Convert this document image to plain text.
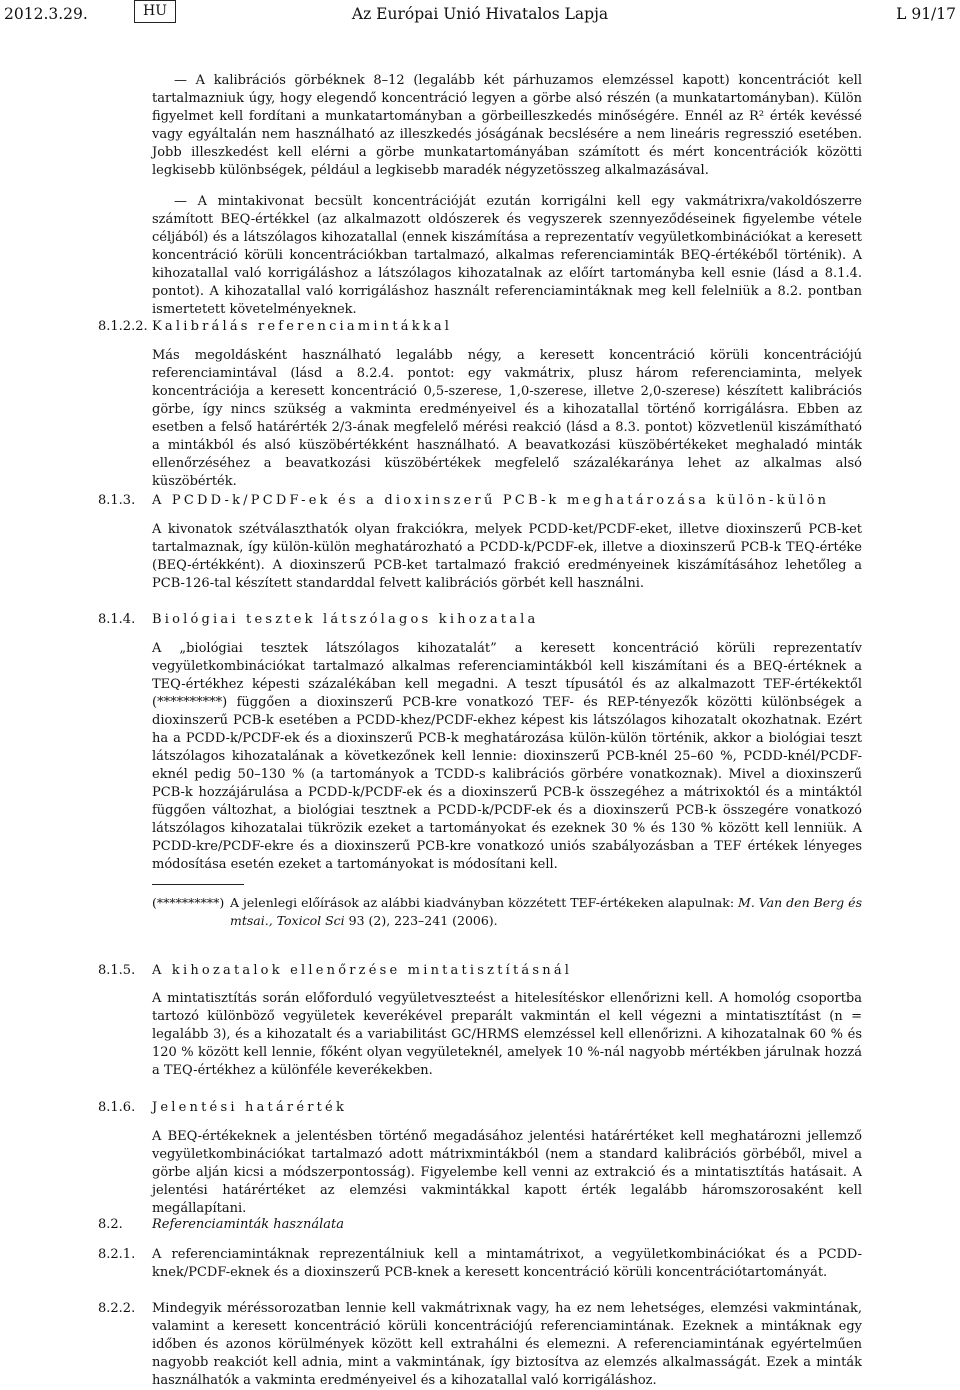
2012.3.29.	HU	Az Európai Unió Hivatalos Lapja	L 91/17
— A kalibrációs görbéknek 8–12 (legalább két párhuzamos elemzéssel kapott) koncentrációt kell tartalmazniuk úgy, hogy elegendő koncentráció legyen a görbe alsó részén (a munkatartományban). Külön figyelmet kell fordítani a munkatartományban a görbeilleszkedés minőségére. Ennél az R² érték kevéssé vagy egyáltalán nem használható az illeszkedés jóságának becslésére a nem lineáris regresszió esetében. Jobb illeszkedést kell elérni a görbe munkatartományában számított és mért koncentrációk közötti legkisebb különbségek, például a legkisebb maradék négyzetösszeg alkalmazásával.
— A mintakivonat becsült koncentrációját ezután korrigálni kell egy vakmátrixra/vakoldószerre számított BEQ-értékkel (az alkalmazott oldószerek és vegyszerek szennyeződéseinek figyelembe vétele céljából) és a látszólagos kihozatallal (ennek kiszámítása a reprezentatív vegyületkombinációkat a keresett koncentráció körüli koncentrációkban tartalmazó, alkalmas referenciaminták BEQ-értékéből történik). A kihozatallal való korrigáláshoz a látszólagos kihozatalnak az előírt tartományba kell esnie (lásd a 8.1.4. pontot). A kihozatallal való korrigáláshoz használt referenciamintáknak meg kell felelniük a 8.2. pontban ismertetett követelményeknek.
8.1.2.2. Kalibrálás referenciamintákkal
Más megoldásként használható legalább négy, a keresett koncentráció körüli koncentrációjú referenciamintával (lásd a 8.2.4. pontot: egy vakmátrix, plusz három referenciaminta, melyek koncentrációja a keresett koncentráció 0,5-szerese, 1,0-szerese, illetve 2,0-szerese) készített kalibrációs görbe, így nincs szükség a vakminta eredményeivel és a kihozatallal történő korrigálásra. Ebben az esetben a felső határérték 2/3-ának megfelelő mérési reakció (lásd a 8.3. pontot) közvetlenül kiszámítható a mintákból és alsó küszöbértékként használható. A beavatkozási küszöbértékeket meghaladó minták ellenőrzéséhez a beavatkozási küszöbértékek megfelelő százalékaránya lehet az alkalmas alsó küszöbérték.
8.1.3. A PCDD-k/PCDF-ek és a dioxinszerű PCB-k meghatározása külön-külön
A kivonatok szétválaszthatók olyan frakciókra, melyek PCDD-ket/PCDF-eket, illetve dioxinszerű PCB-ket tartalmaznak, így külön-külön meghatározható a PCDD-k/PCDF-ek, illetve a dioxinszerű PCB-k TEQ-értéke (BEQ-értékként). A dioxinszerű PCB-ket tartalmazó frakció eredményeinek kiszámításához lehetőleg a PCB-126-tal készített standarddal felvett kalibrációs görbét kell használni.
8.1.4. Biológiai tesztek látszólagos kihozatala
A „biológiai tesztek látszólagos kihozatalát” a keresett koncentráció körüli reprezentatív vegyületkombinációkat tartalmazó alkalmas referenciamintákból kell kiszámítani és a BEQ-értéknek a TEQ-értékhez képesti százalékában kell megadni. A teszt típusától és az alkalmazott TEF-értékektől (**********) függően a dioxinszerű PCB-kre vonatkozó TEF- és REP-tényezők közötti különbségek a dioxinszerű PCB-k esetében a PCDD-khez/PCDF-ekhez képest kis látszólagos kihozatalt okozhatnak. Ezért ha a PCDD-k/PCDF-ek és a dioxinszerű PCB-k meghatározása külön-külön történik, akkor a biológiai teszt látszólagos kihozatalának a következőnek kell lennie: dioxinszerű PCB-knél 25–60 %, PCDD-knél/PCDF-eknél pedig 50–130 % (a tartományok a TCDD-s kalibrációs görbére vonatkoznak). Mivel a dioxinszerű PCB-k hozzájárulása a PCDD-k/PCDF-ek és a dioxinszerű PCB-k összegéhez a mátrixoktól és a mintáktól függően változhat, a biológiai tesztnek a PCDD-k/PCDF-ek és a dioxinszerű PCB-k összegére vonatkozó látszólagos kihozatalai tükrözik ezeket a tartományokat és ezeknek 30 % és 130 % között kell lenniük. A PCDD-kre/PCDF-ekre és a dioxinszerű PCB-kre vonatkozó uniós szabályozásban a TEF értékek lényeges módosítása esetén ezeket a tartományokat is módosítani kell.
(**********) A jelenlegi előírások az alábbi kiadványban közzétett TEF-értékeken alapulnak: M. Van den Berg és mtsai., Toxicol Sci 93 (2), 223–241 (2006).
8.1.5. A kihozatalok ellenőrzése mintatisztításnál
A mintatisztítás során előforduló vegyületveszteést a hitelesítéskor ellenőrizni kell. A homológ csoportba tartozó különböző vegyületek keverékével preparált vakmintán el kell végezni a mintatisztítást (n = legalább 3), és a kihozatalt és a variabilitást GC/HRMS elemzéssel kell ellenőrizni. A kihozatalnak 60 % és 120 % között kell lennie, főként olyan vegyületeknél, amelyek 10 %-nál nagyobb mértékben járulnak hozzá a TEQ-értékhez a különféle keverékekben.
8.1.6. Jelentési határérték
A BEQ-értékeknek a jelentésben történő megadásához jelentési határértéket kell meghatározni jellemző vegyületkombinációkat tartalmazó adott mátrixmintákból (nem a standard kalibrációs görbéből, mivel a görbe alján kicsi a módszerpontosság). Figyelembe kell venni az extrakció és a mintatisztítás hatásait. A jelentési határértéket az elemzési vakmintákkal kapott érték legalább háromszorosaként kell megállapítani.
8.2. Referenciaminták használata
8.2.1. A referenciamintáknak reprezentálniuk kell a mintamátrixot, a vegyületkombinációkat és a PCDD-knek/PCDF-eknek és a dioxinszerű PCB-knek a keresett koncentráció körüli koncentrációtartományát.
8.2.2. Mindegyik méréssorozatban lennie kell vakmátrixnak vagy, ha ez nem lehetséges, elemzési vakmintának, valamint a keresett koncentráció körüli koncentrációjú referenciamintának. Ezeknek a mintáknak egy időben és azonos körülmények között kell extrahálni és elemezni. A referenciamintának egyértelműen nagyobb reakciót kell adnia, mint a vakmintának, így biztosítva az elemzés alkalmasságát. Ezek a minták használhatók a vakminta eredményeivel és a kihozatallal való korrigáláshoz.
